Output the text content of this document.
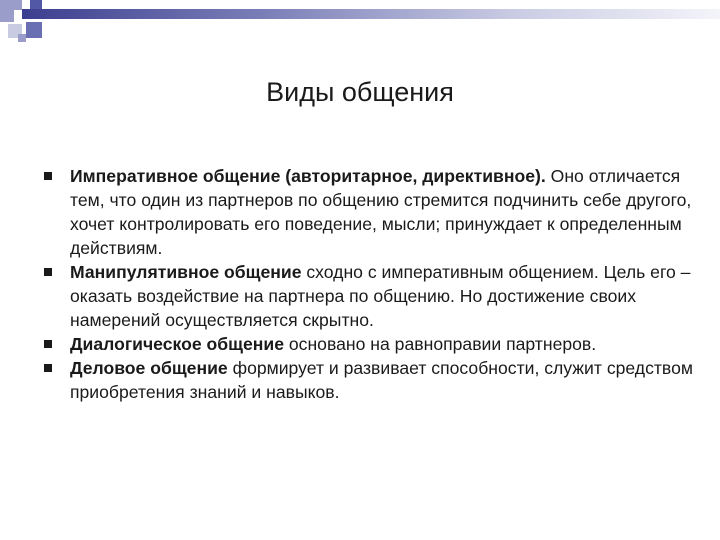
Виды общения
Императивное общение (авторитарное, директивное). Оно отличается тем, что один из партнеров по общению стремится подчинить себе другого, хочет контролировать его поведение, мысли; принуждает к определенным действиям.
Манипулятивное общение сходно с императивным общением. Цель его – оказать воздействие на партнера по общению. Но достижение своих намерений осуществляется скрытно.
Диалогическое общение основано на равноправии партнеров.
Деловое общение формирует и развивает способности, служит средством приобретения знаний и навыков.
